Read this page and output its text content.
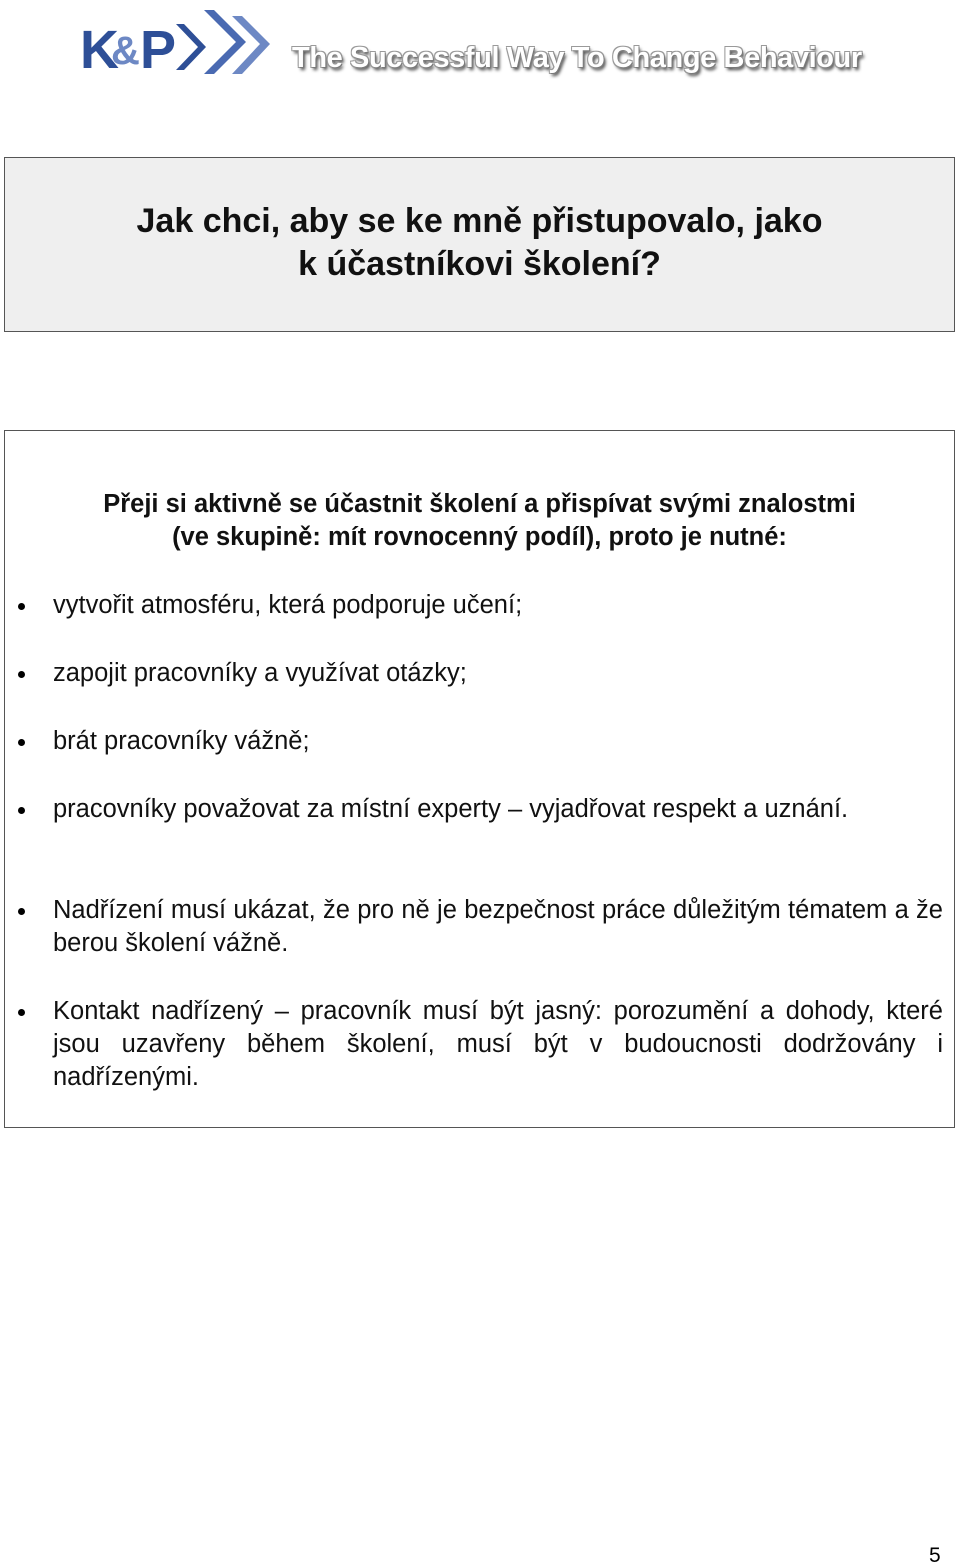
K
& P	The Successful Way To Change Behaviour
Jak chci, aby se ke mně přistupovalo, jako
k účastníkovi školení?
Přeji si aktivně se účastnit školení a přispívat svými znalostmi
(ve skupině: mít rovnocenný podíl), proto je nutné:
vytvořit atmosféru, která podporuje učení;
zapojit pracovníky a využívat otázky;
brát pracovníky vážně;
pracovníky považovat za místní experty – vyjadřovat respekt a uznání.
Nadřízení musí ukázat, že pro ně je bezpečnost práce důležitým tématem a že berou školení vážně.
Kontakt nadřízený – pracovník musí být jasný: porozumění a dohody, které jsou uzavřeny během školení, musí být v budoucnosti dodržovány i nadřízenými.
5
